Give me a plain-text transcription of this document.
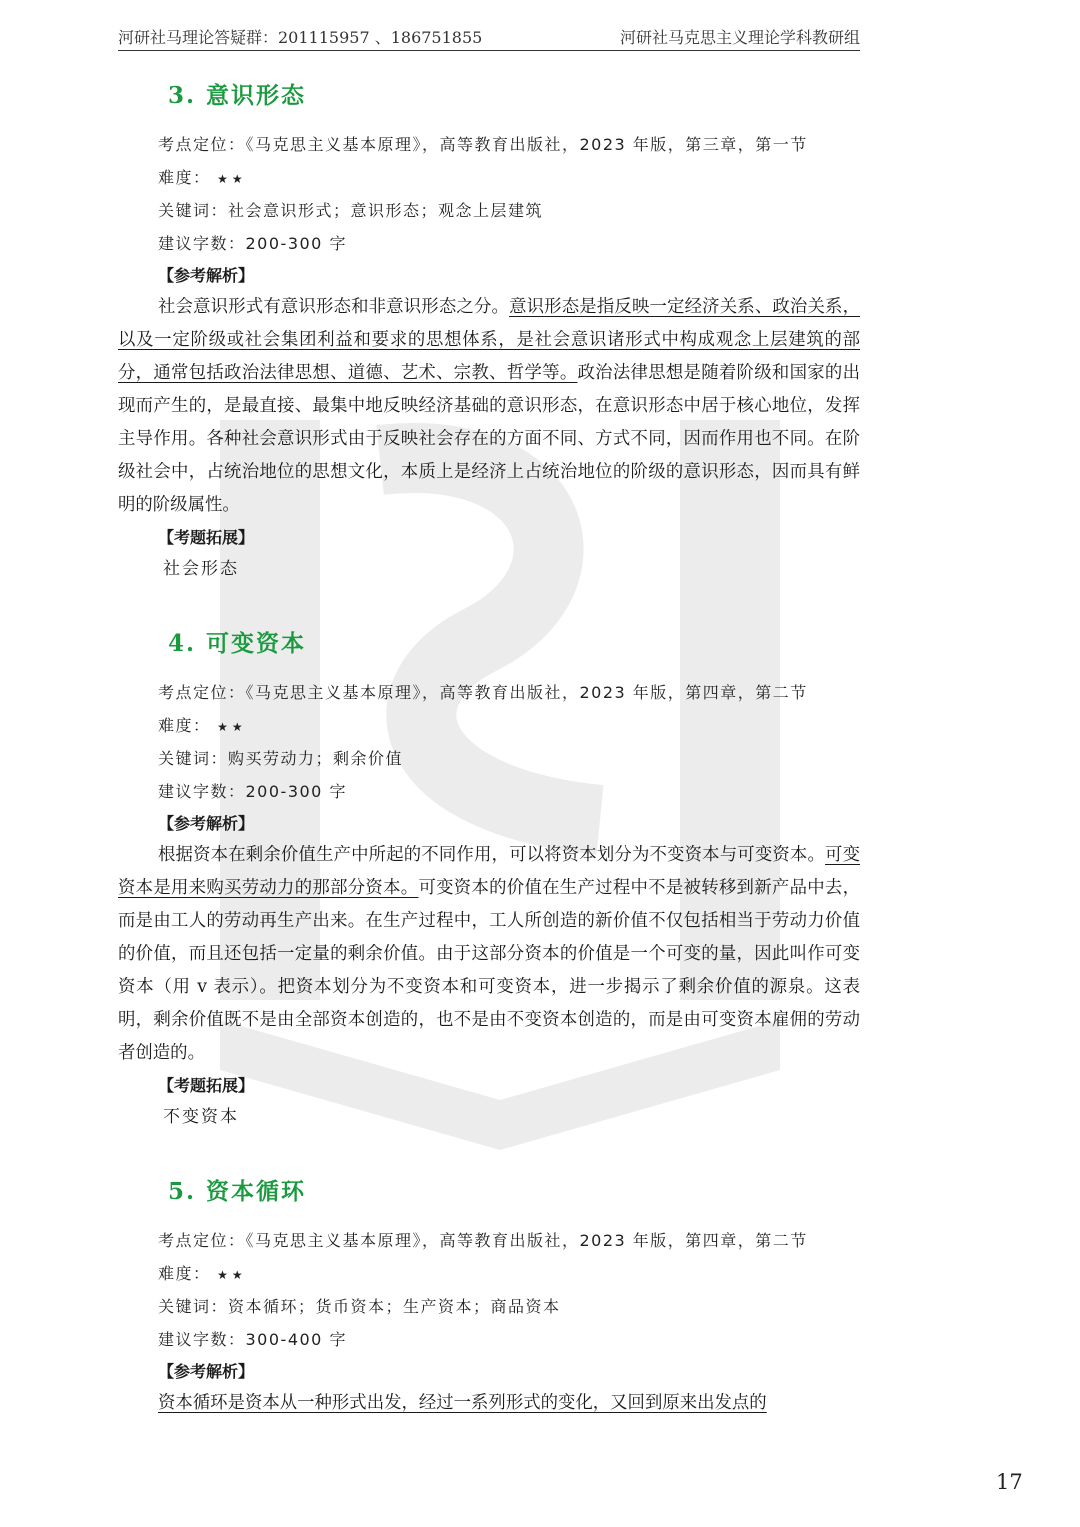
河研社马理论答疑群：201115957 、186751855	河研社马克思主义理论学科教研组
3. 意识形态
考点定位：《马克思主义基本原理》，高等教育出版社，2023 年版，第三章，第一节
难度： ★★
关键词：社会意识形式；意识形态；观念上层建筑
建议字数：200-300 字
【参考解析】

社会意识形式有意识形态和非意识形态之分。意识形态是指反映一定经济关系、政治关系，以及一定阶级或社会集团利益和要求的思想体系，是社会意识诸形式中构成观念上层建筑的部分，通常包括政治法律思想、道德、艺术、宗教、哲学等。政治法律思想是随着阶级和国家的出现而产生的，是最直接、最集中地反映经济基础的意识形态，在意识形态中居于核心地位，发挥主导作用。各种社会意识形式由于反映社会存在的方面不同、方式不同，因而作用也不同。在阶级社会中，占统治地位的思想文化，本质上是经济上占统治地位的阶级的意识形态，因而具有鲜明的阶级属性。

【考题拓展】
社会形态
4. 可变资本
考点定位：《马克思主义基本原理》，高等教育出版社，2023 年版，第四章，第二节
难度： ★★
关键词：购买劳动力；剩余价值
建议字数：200-300 字
【参考解析】

根据资本在剩余价值生产中所起的不同作用，可以将资本划分为不变资本与可变资本。可变资本是用来购买劳动力的那部分资本。可变资本的价值在生产过程中不是被转移到新产品中去，而是由工人的劳动再生产出来。在生产过程中，工人所创造的新价值不仅包括相当于劳动力价值的价值，而且还包括一定量的剩余价值。由于这部分资本的价值是一个可变的量，因此叫作可变资本（用 v 表示）。把资本划分为不变资本和可变资本，进一步揭示了剩余价值的源泉。这表明，剩余价值既不是由全部资本创造的，也不是由不变资本创造的，而是由可变资本雇佣的劳动者创造的。

【考题拓展】
不变资本
5. 资本循环
考点定位：《马克思主义基本原理》，高等教育出版社，2023 年版，第四章，第二节
难度： ★★
关键词：资本循环；货币资本；生产资本；商品资本
建议字数：300-400 字
【参考解析】

资本循环是资本从一种形式出发，经过一系列形式的变化，又回到原来出发点的

17
